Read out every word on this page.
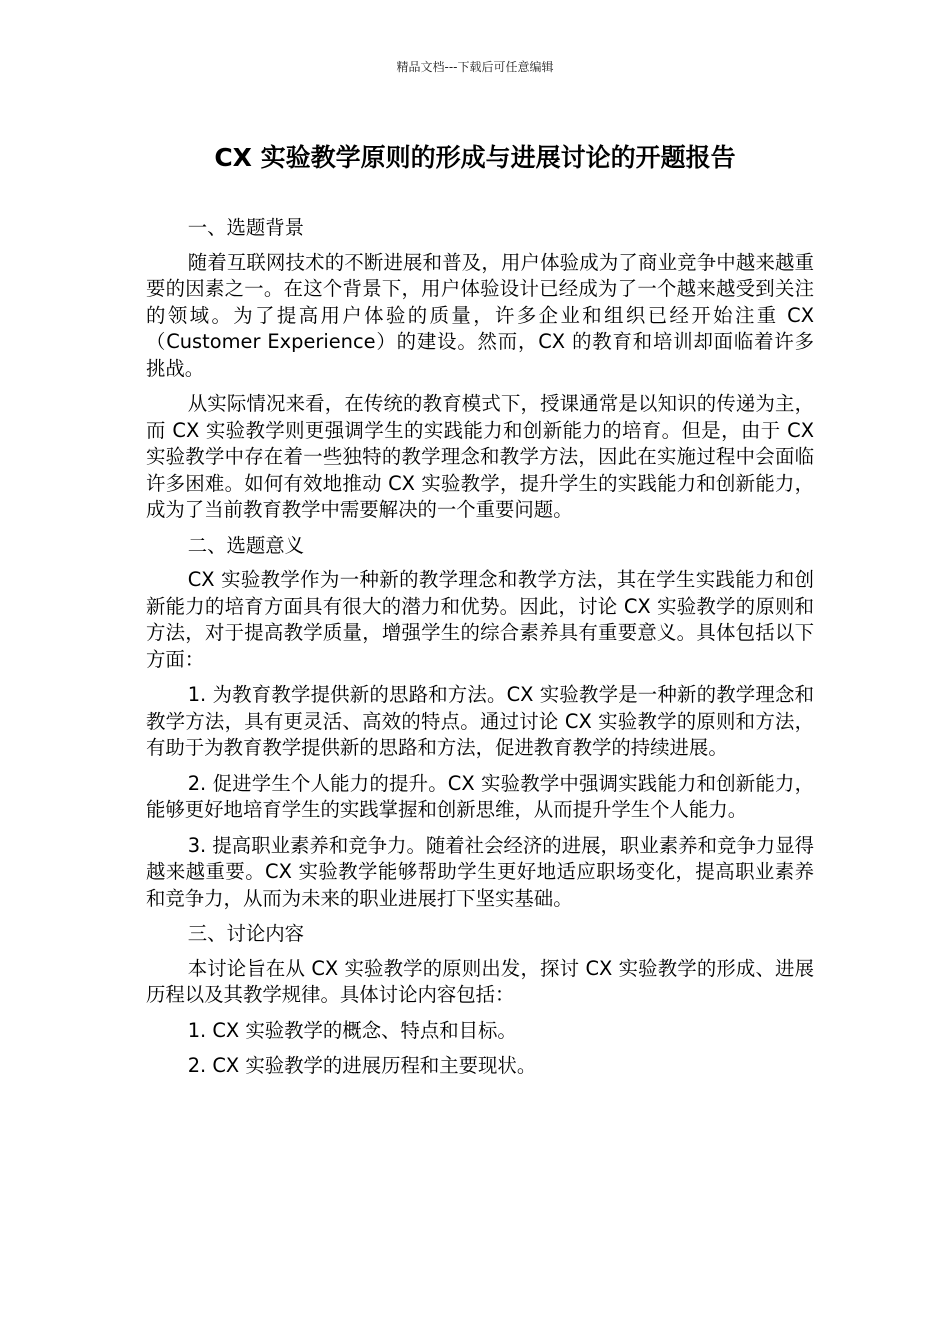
精品文档---下载后可任意编辑
CX 实验教学原则的形成与进展讨论的开题报告

一、选题背景

随着互联网技术的不断进展和普及，用户体验成为了商业竞争中越来越重要的因素之一。在这个背景下，用户体验设计已经成为了一个越来越受到关注的领域。为了提高用户体验的质量，许多企业和组织已经开始注重 CX（Customer Experience）的建设。然而，CX 的教育和培训却面临着许多挑战。

从实际情况来看，在传统的教育模式下，授课通常是以知识的传递为主，而 CX 实验教学则更强调学生的实践能力和创新能力的培育。但是，由于 CX 实验教学中存在着一些独特的教学理念和教学方法，因此在实施过程中会面临许多困难。如何有效地推动 CX 实验教学，提升学生的实践能力和创新能力，成为了当前教育教学中需要解决的一个重要问题。

二、选题意义

CX 实验教学作为一种新的教学理念和教学方法，其在学生实践能力和创新能力的培育方面具有很大的潜力和优势。因此，讨论 CX 实验教学的原则和方法，对于提高教学质量，增强学生的综合素养具有重要意义。具体包括以下方面：

1. 为教育教学提供新的思路和方法。CX 实验教学是一种新的教学理念和教学方法，具有更灵活、高效的特点。通过讨论 CX 实验教学的原则和方法，有助于为教育教学提供新的思路和方法，促进教育教学的持续进展。

2. 促进学生个人能力的提升。CX 实验教学中强调实践能力和创新能力，能够更好地培育学生的实践掌握和创新思维，从而提升学生个人能力。

3. 提高职业素养和竞争力。随着社会经济的进展，职业素养和竞争力显得越来越重要。CX 实验教学能够帮助学生更好地适应职场变化，提高职业素养和竞争力，从而为未来的职业进展打下坚实基础。

三、讨论内容

本讨论旨在从 CX 实验教学的原则出发，探讨 CX 实验教学的形成、进展历程以及其教学规律。具体讨论内容包括：

1. CX 实验教学的概念、特点和目标。

2. CX 实验教学的进展历程和主要现状。
